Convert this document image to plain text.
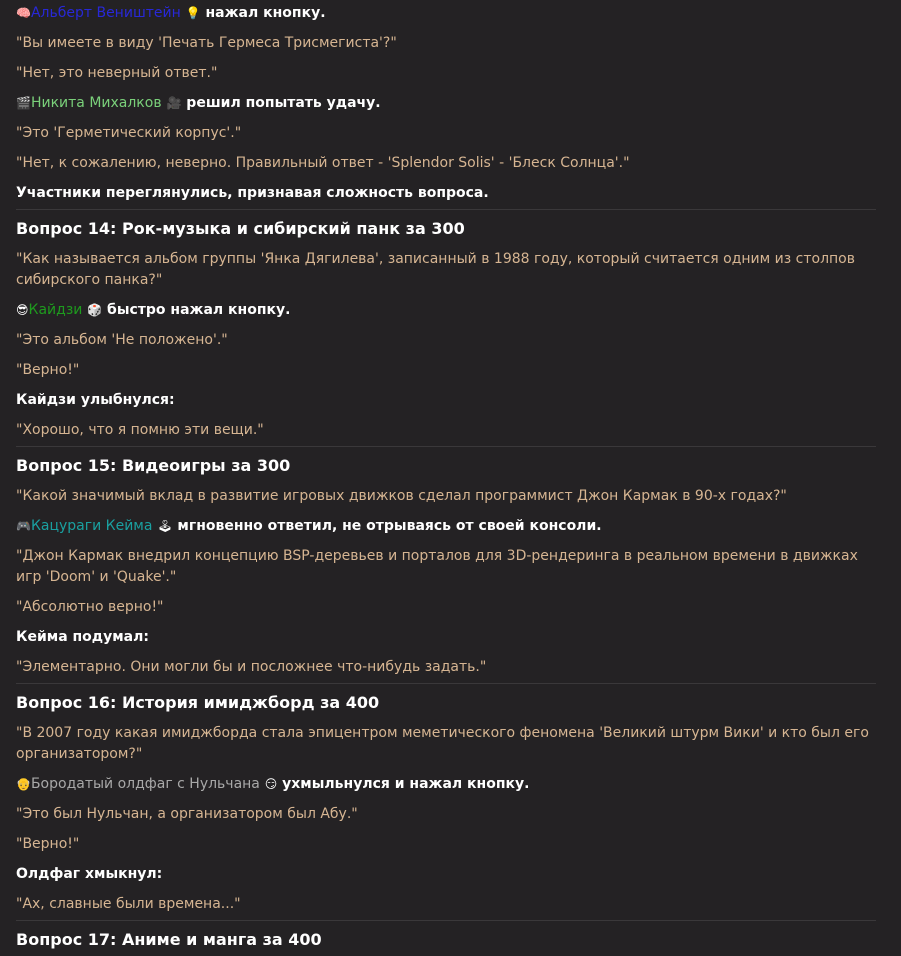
🧠Альберт Веништейн 💡 нажал кнопку.
"Вы имеете в виду 'Печать Гермеса Трисмегиста'?"
"Нет, это неверный ответ."
🎬Никита Михалков 🎥 решил попытать удачу.
"Это 'Герметический корпус'."
"Нет, к сожалению, неверно. Правильный ответ - 'Splendor Solis' - 'Блеск Солнца'."
Участники переглянулись, признавая сложность вопроса.
Вопрос 14: Рок-музыка и сибирский панк за 300
"Как называется альбом группы 'Янка Дягилева', записанный в 1988 году, который считается одним из столпов сибирского панка?"
😎Кайдзи 🎲 быстро нажал кнопку.
"Это альбом 'Не положено'."
"Верно!"
Кайдзи улыбнулся:
"Хорошо, что я помню эти вещи."
Вопрос 15: Видеоигры за 300
"Какой значимый вклад в развитие игровых движков сделал программист Джон Кармак в 90-х годах?"
🎮Кацураги Кейма 🕹 мгновенно ответил, не отрываясь от своей консоли.
"Джон Кармак внедрил концепцию BSP-деревьев и порталов для 3D-рендеринга в реальном времени в движках игр 'Doom' и 'Quake'."
"Абсолютно верно!"
Кейма подумал:
"Элементарно. Они могли бы и посложнее что-нибудь задать."
Вопрос 16: История имиджборд за 400
"В 2007 году какая имиджборда стала эпицентром меметического феномена 'Великий штурм Вики' и кто был его организатором?"
👴Бородатый олдфаг с Нульчана 😏 ухмыльнулся и нажал кнопку.
"Это был Нульчан, а организатором был Абу."
"Верно!"
Олдфаг хмыкнул:
"Ах, славные были времена..."
Вопрос 17: Аниме и манга за 400
